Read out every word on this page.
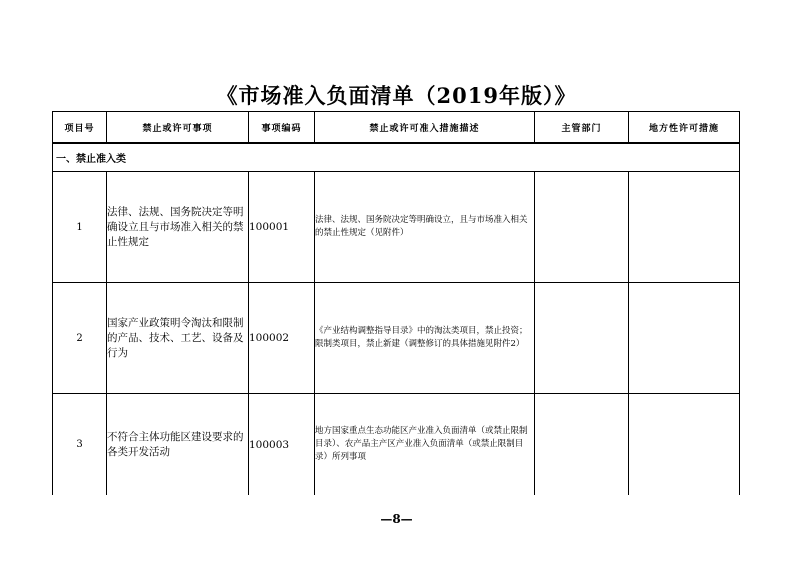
《市场准入负面清单（2019年版）》
项目号	禁止或许可事项	事项编码	禁止或许可准入措施描述	主管部门	地方性许可措施
一、禁止准入类					
1	法律、法规、国务院决定等明确设立且与市场准入相关的禁止性规定	100001	法律、法规、国务院决定等明确设立，且与市场准入相关的禁止性规定（见附件）		
2	国家产业政策明令淘汰和限制的产品、技术、工艺、设备及行为	100002	《产业结构调整指导目录》中的淘汰类项目，禁止投资；限制类项目，禁止新建（调整修订的具体措施见附件2）		
3	不符合主体功能区建设要求的各类开发活动	100003	地方国家重点生态功能区产业准入负面清单（或禁止限制目录）、农产品主产区产业准入负面清单（或禁止限制目录）所列事项		
—8—
